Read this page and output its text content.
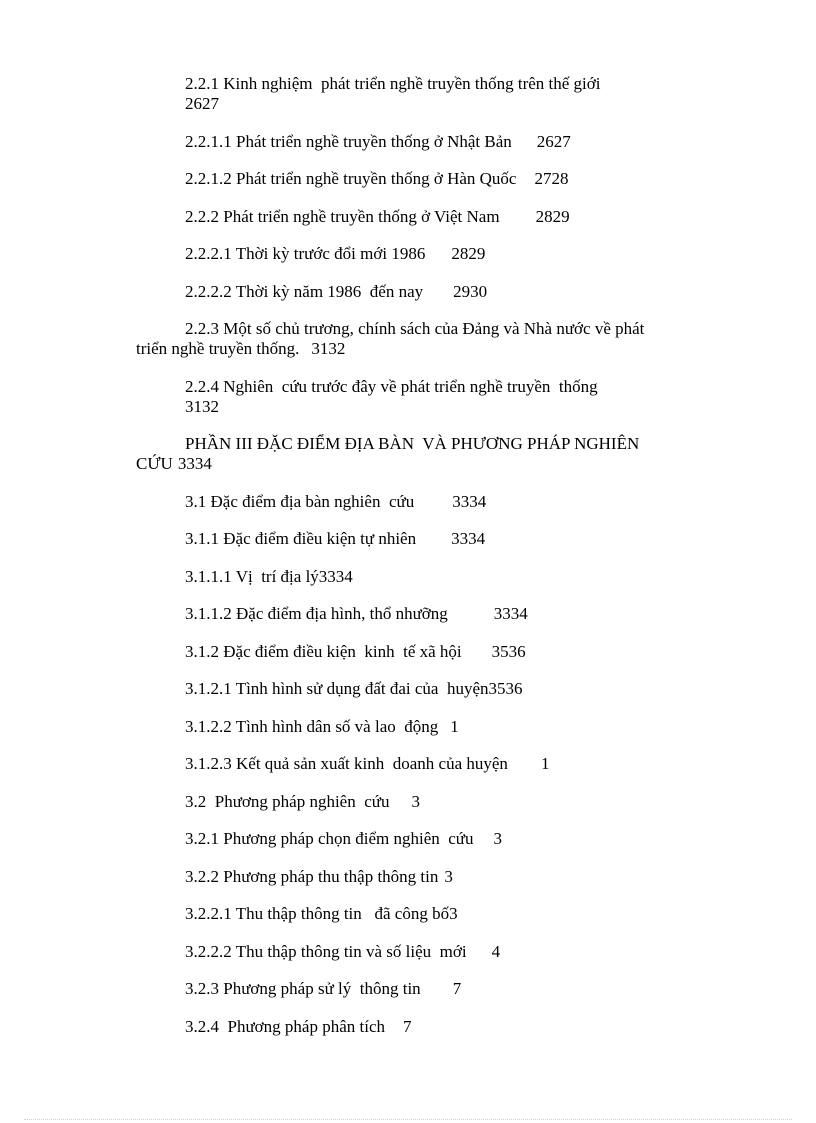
2.2.1 Kinh nghiệm  phát triển nghề truyền thống trên thế giới
2627
2.2.1.1 Phát triển nghề truyền thống ở Nhật Bản 2627
2.2.1.2 Phát triển nghề truyền thống ở Hàn Quốc 2728
2.2.2 Phát triển nghề truyền thống ở Việt Nam 2829
2.2.2.1 Thời kỳ trước đổi mới 1986 2829
2.2.2.2 Thời kỳ năm 1986  đến nay 2930
2.2.3 Một số chủ trương, chính sách của Đảng và Nhà nước về phát
triển nghề truyền thống. 3132
2.2.4 Nghiên  cứu trước đây về phát triển nghề truyền  thống
3132
PHẦN III ĐẶC ĐIỂM ĐỊA BÀN  VÀ PHƯƠNG PHÁP NGHIÊN
CỨU 3334
3.1 Đặc điểm địa bàn nghiên  cứu 3334
3.1.1 Đặc điểm điều kiện tự nhiên 3334
3.1.1.1 Vị  trí địa lý3334
3.1.1.2 Đặc điểm địa hình, thổ nhưỡng	3334
3.1.2 Đặc điểm điều kiện  kinh  tế xã hội 3536
3.1.2.1 Tình hình sử dụng đất đai của  huyện3536
3.1.2.2 Tình hình dân số và lao  động 1
3.1.2.3 Kết quả sản xuất kinh  doanh của huyện 1
3.2  Phương pháp nghiên  cứu 3
3.2.1 Phương pháp chọn điểm nghiên  cứu 3
3.2.2 Phương pháp thu thập thông tin 3
3.2.2.1 Thu thập thông tin   đã công bố3
3.2.2.2 Thu thập thông tin và số liệu  mới 4
3.2.3 Phương pháp sử lý  thông tin 7
3.2.4  Phương pháp phân tích 7
